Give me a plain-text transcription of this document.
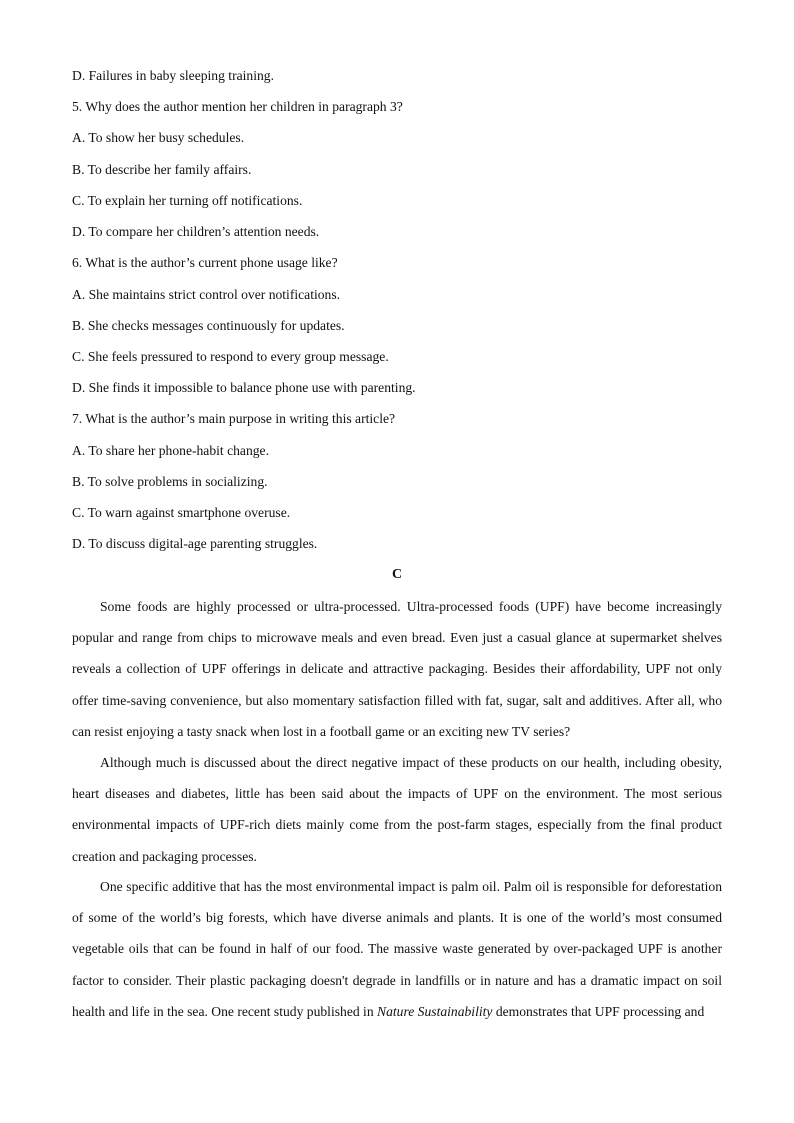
D. Failures in baby sleeping training.
5. Why does the author mention her children in paragraph 3?
A. To show her busy schedules.
B. To describe her family affairs.
C. To explain her turning off notifications.
D. To compare her children’s attention needs.
6. What is the author’s current phone usage like?
A. She maintains strict control over notifications.
B. She checks messages continuously for updates.
C. She feels pressured to respond to every group message.
D. She finds it impossible to balance phone use with parenting.
7. What is the author’s main purpose in writing this article?
A. To share her phone-habit change.
B. To solve problems in socializing.
C. To warn against smartphone overuse.
D. To discuss digital-age parenting struggles.
C

Some foods are highly processed or ultra-processed. Ultra-processed foods (UPF) have become increasingly popular and range from chips to microwave meals and even bread. Even just a casual glance at supermarket shelves reveals a collection of UPF offerings in delicate and attractive packaging. Besides their affordability, UPF not only offer time-saving convenience, but also momentary satisfaction filled with fat, sugar, salt and additives. After all, who can resist enjoying a tasty snack when lost in a football game or an exciting new TV series?

Although much is discussed about the direct negative impact of these products on our health, including obesity, heart diseases and diabetes, little has been said about the impacts of UPF on the environment. The most serious environmental impacts of UPF-rich diets mainly come from the post-farm stages, especially from the final product creation and packaging processes.

One specific additive that has the most environmental impact is palm oil. Palm oil is responsible for deforestation of some of the world’s big forests, which have diverse animals and plants. It is one of the world’s most consumed vegetable oils that can be found in half of our food. The massive waste generated by over-packaged UPF is another factor to consider. Their plastic packaging doesn't degrade in landfills or in nature and has a dramatic impact on soil health and life in the sea. One recent study published in Nature Sustainability demonstrates that UPF processing and
